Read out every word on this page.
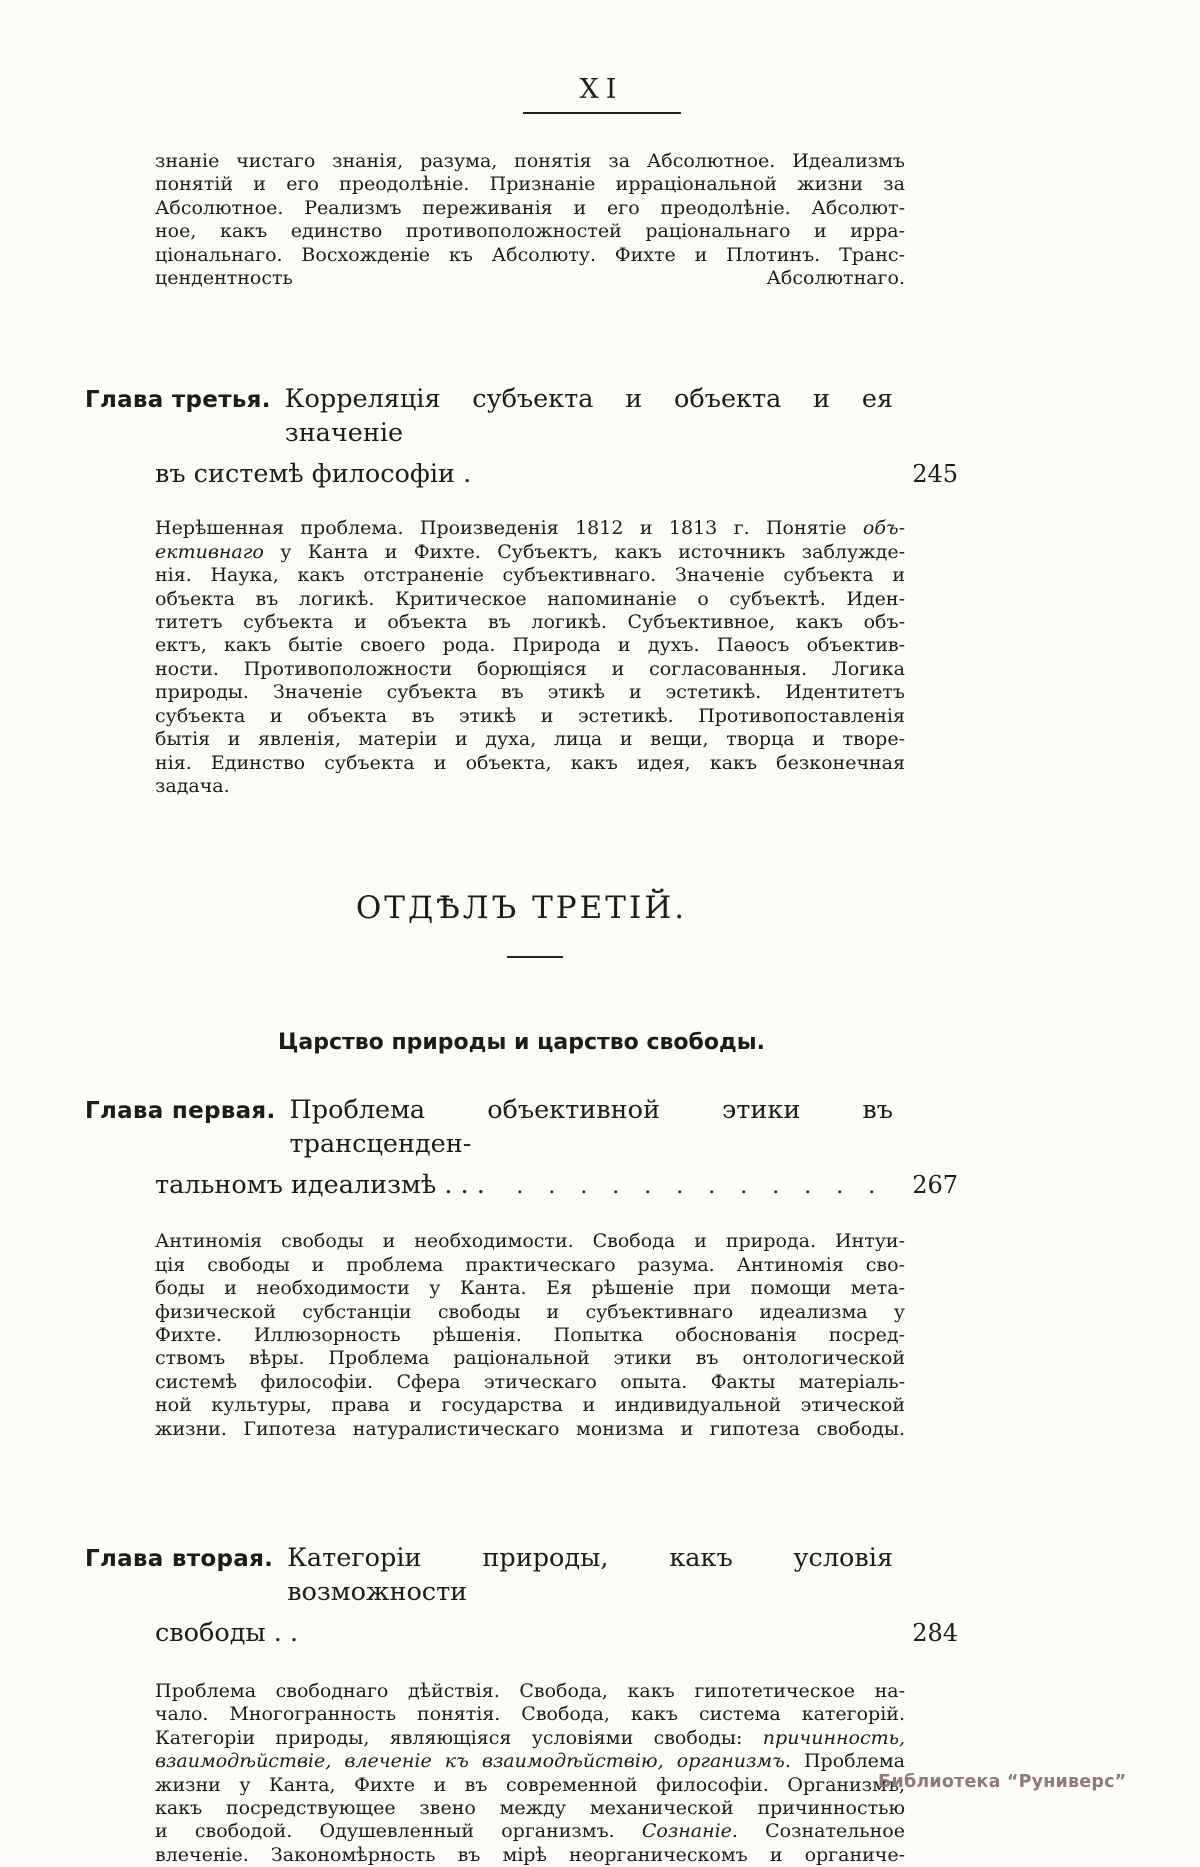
XI
знаніе чистаго знанія, разума, понятія за Абсолютное. Идеализмъ
понятій и его преодолѣніе. Признаніе ирраціональной жизни за
Абсолютное. Реализмъ переживанія и его преодолѣніе. Абсолют-
ное, какъ единство противоположностей раціональнаго и ирра-
ціональнаго. Восхожденіе къ Абсолюту. Фихте и Плотинъ. Транс-
цендентность Абсолютнаго.
Глава третья. Корреляція субъекта и объекта и ея значеніе
въ системѣ философіи .	245
Нерѣшенная проблема. Произведенія 1812 и 1813 г. Понятіе объ-
ективнаго у Канта и Фихте. Субъектъ, какъ источникъ заблужде-
нія. Наука, какъ отстраненіе субъективнаго. Значеніе субъекта и
объекта въ логикѣ. Критическое напоминаніе о субъектѣ. Иден-
титетъ субъекта и объекта въ логикѣ. Субъективное, какъ объ-
ектъ, какъ бытіе своего рода. Природа и духъ. Паѳосъ объектив-
ности. Противоположности борющіяся и согласованныя. Логика
природы. Значеніе субъекта въ этикѣ и эстетикѣ. Идентитетъ
субъекта и объекта въ этикѣ и эстетикѣ. Противопоставленія
бытія и явленія, матеріи и духа, лица и вещи, творца и творе-
нія. Единство субъекта и объекта, какъ идея, какъ безконечная
задача.
ОТДѢЛЪ ТРЕТІЙ.
Царство природы и царство свободы.
Глава первая. Проблема объективной этики въ трансценден-
тальномъ идеализмѣ . . .	. . . . . . . . . . . .	267
Антиномія свободы и необходимости. Свобода и природа. Интуи-
ція свободы и проблема практическаго разума. Антиномія сво-
боды и необходимости у Канта. Ея рѣшеніе при помощи мета-
физической субстанціи свободы и субъективнаго идеализма у
Фихте. Иллюзорность рѣшенія. Попытка обоснованія посред-
ствомъ вѣры. Проблема раціональной этики въ онтологической
системѣ философіи. Сфера этическаго опыта. Факты матеріаль-
ной культуры, права и государства и индивидуальной этической
жизни. Гипотеза натуралистическаго монизма и гипотеза свободы.
Глава вторая. Категоріи природы, какъ условія возможности
свободы . .	284
Проблема свободнаго дѣйствія. Свобода, какъ гипотетическое на-
чало. Многогранность понятія. Свобода, какъ система категорій.
Категоріи природы, являющіяся условіями свободы: причинность,
взаимодѣйствіе, влеченіе къ взаимодѣйствію, организмъ. Проблема
жизни у Канта, Фихте и въ современной философіи. Организмъ,
какъ посредствующее звено между механической причинностью
и свободой. Одушевленный организмъ. Сознаніе. Сознательное
влеченіе. Закономѣрность въ мірѣ неорганическомъ и органиче-
Библиотека “Руниверс”
